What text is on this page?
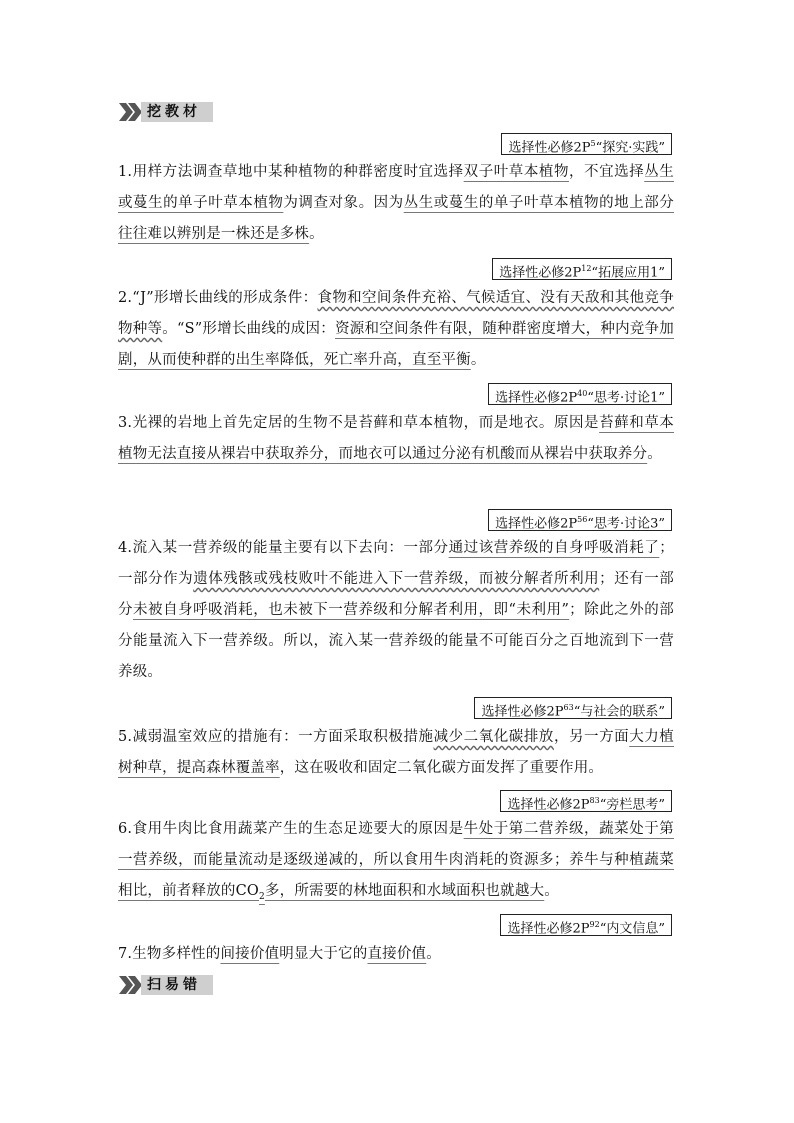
挖教材
选择性必修$2P^5“$探究·实践”

1.用样方法调查草地中某种植物的种群密度时宜选择双子叶草本植物，不宜选择丛生或蔓生的单子叶草本植物为调查对象。因为丛生或蔓生的单子叶草本植物的地上部分往往难以辨别是一株还是多株。

选择性必修$2P^{12}“$拓展应用1”

2.“J”形增长曲线的形成条件：食物和空间条件充裕、气候适宜、没有天敌和其他竞争物种等。“S”形增长曲线的成因：资源和空间条件有限，随种群密度增大，种内竞争加剧，从而使种群的出生率降低，死亡率升高，直至平衡。

选择性必修$2P^{40}“$思考·讨论1”

3.光裸的岩地上首先定居的生物不是苔藓和草本植物，而是地衣。原因是苔藓和草本植物无法直接从裸岩中获取养分，而地衣可以通过分泌有机酸而从裸岩中获取养分。

选择性必修$2P^{56}“$思考·讨论3”

4.流入某一营养级的能量主要有以下去向：一部分通过该营养级的自身呼吸消耗了；一部分作为遗体残骸或残枝败叶不能进入下一营养级，而被分解者所利用；还有一部分未被自身呼吸消耗，也未被下一营养级和分解者利用，即“未利用”；除此之外的部分能量流入下一营养级。所以，流入某一营养级的能量不可能百分之百地流到下一营养级。

选择性必修$2P^{63}“$与社会的联系”

5.减弱温室效应的措施有：一方面采取积极措施减少二氧化碳排放，另一方面大力植树种草，提高森林覆盖率，这在吸收和固定二氧化碳方面发挥了重要作用。

选择性必修$2P^{83}“$旁栏思考”

6.食用牛肉比食用蔬菜产生的生态足迹要大的原因是牛处于第二营养级，蔬菜处于第一营养级，而能量流动是逐级递减的，所以食用牛肉消耗的资源多；养牛与种植蔬菜相比，前者释放的$CO_2$多，所需要的林地面积和水域面积也就越大。

选择性必修$2P^{92}“$内文信息”

7.生物多样性的间接价值明显大于它的直接价值。

扫易错
